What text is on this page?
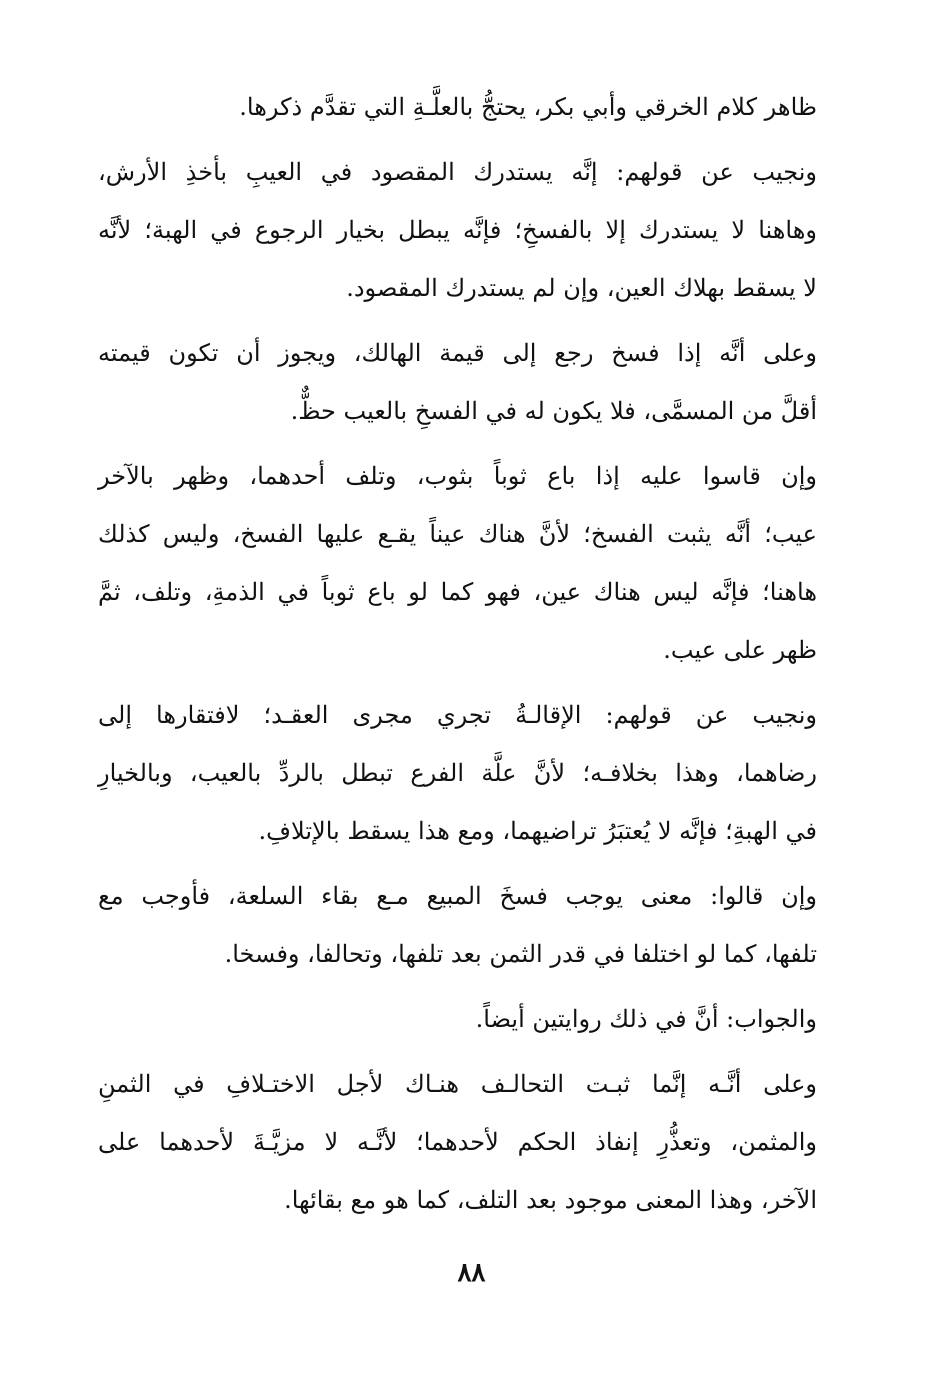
ظاهر كلام الخرقي وأبي بكر، يحتجُّ بالعلَّـةِ التي تقدَّم ذكرها.
ونجيب عن قولهم: إنَّه يستدرك المقصود في العيبِ بأخذِ الأرش،
وهاهنا لا يستدرك إلا بالفسخِ؛ فإنَّه يبطل بخيار الرجوع في الهبة؛ لأنَّه
لا يسقط بهلاك العين، وإن لم يستدرك المقصود.
وعلى أنَّه إذا فسخ رجع إلى قيمة الهالك، ويجوز أن تكون قيمته
أقلَّ من المسمَّى، فلا يكون له في الفسخِ بالعيب حظٌّ.
وإن قاسوا عليه إذا باع ثوباً بثوب، وتلف أحدهما، وظهر بالآخر
عيب؛ أنَّه يثبت الفسخ؛ لأنَّ هناك عيناً يقـع عليها الفسخ، وليس كذلك
هاهنا؛ فإنَّه ليس هناك عين، فهو كما لو باع ثوباً في الذمةِ، وتلف، ثمَّ
ظهر على عيب.
ونجيب عن قولهم: الإقالـةُ تجري مجرى العقـد؛ لافتقارها إلى
رضاهما، وهذا بخلافـه؛ لأنَّ علَّة الفرع تبطل بالردِّ بالعيب، وبالخيارِ
في الهبةِ؛ فإنَّه لا يُعتبَرُ تراضيهما، ومع هذا يسقط بالإتلافِ.
وإن قالوا: معنى يوجب فسخَ المبيع مـع بقاء السلعة، فأوجب مع
تلفها، كما لو اختلفا في قدر الثمن بعد تلفها، وتحالفا، وفسخا.
والجواب: أنَّ في ذلك روايتين أيضاً.
وعلى أنَّـه إنَّما ثبـت التحالـف هنـاك لأجل الاختـلافِ في الثمنِ
والمثمن، وتعذُّرِ إنفاذ الحكم لأحدهما؛ لأنَّـه لا مزيَّـةَ لأحدهما على
الآخر، وهذا المعنى موجود بعد التلف، كما هو مع بقائها.
٨٨
